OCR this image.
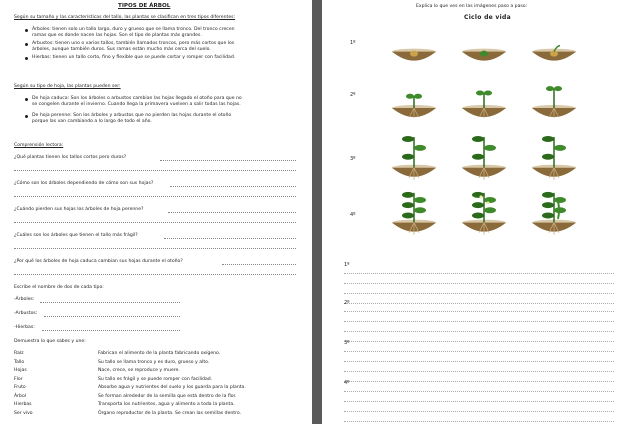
TIPOS DE ÁRBOL
Según su tamaño y las características del tallo, las plantas se clasifican en tres tipos diferentes:
Árboles: tienen solo un tallo largo, duro y grueso que se llama tronco. Del tronco crecen
ramas que es donde nacen las hojas. Son el tipo de plantas más grandes.
Arbustos: tienen uno o varios tallos, también llamados troncos, pero más cortos que los
árboles, aunque también duros. Sus ramas están mucho más cerca del suelo.
Hierbas: tienen un tallo corto, fino y flexible que se puede cortar y romper con facilidad.
Según su tipo de hoja, las plantas pueden ser:
De hoja caduca: Son los árboles o arbustos cambian las hojas llegado el otoño para que no
se congelen durante el invierno. Cuando llega la primavera vuelven a salir todas las hojas.
De hoja perenne: Son los árboles y arbustos que no pierden las hojas durante el otoño
porque las van cambiando a lo largo de todo el año.
Comprensión lectora:
¿Qué plantas tienen los tallos cortos pero duros?
¿Cómo son los árboles dependiendo de cómo son sus hojas?
¿Cuándo pierden sus hojas los árboles de hoja perenne?
¿Cuáles son los árboles que tienen el tallo más frágil?
¿Por qué los árboles de hoja caduca cambian sus hojas durante el otoño?
Escribe el nombre de dos de cada tipo:
-Árboles:
-Arbustos:
-Hierbas:
Demuestra lo que sabes y une:
Raíz
Tallo
Hojas
Flor
Fruto
Árbol
Hierbas
Ser vivo
Fabrican el alimento de la planta fabricando oxígeno.
Su tallo se llama tronco y es duro, grueso y alto.
Nace, crece, se reproduce y muere.
Su tallo es frágil y se puede romper con facilidad.
Absorbe agua y nutrientes del suelo y los guarda para la planta.
Se forman alrededor de la semilla que está dentro de la flor.
Transporta los nutrientes, agua y alimento a toda la planta.
Órgano reproductor de la planta. Se crean las semillas dentro.
Explica lo que ves en las imágenes paso a paso:
Ciclo de vida
1º
2º
3º
4º
1º
2º
3º
4º
